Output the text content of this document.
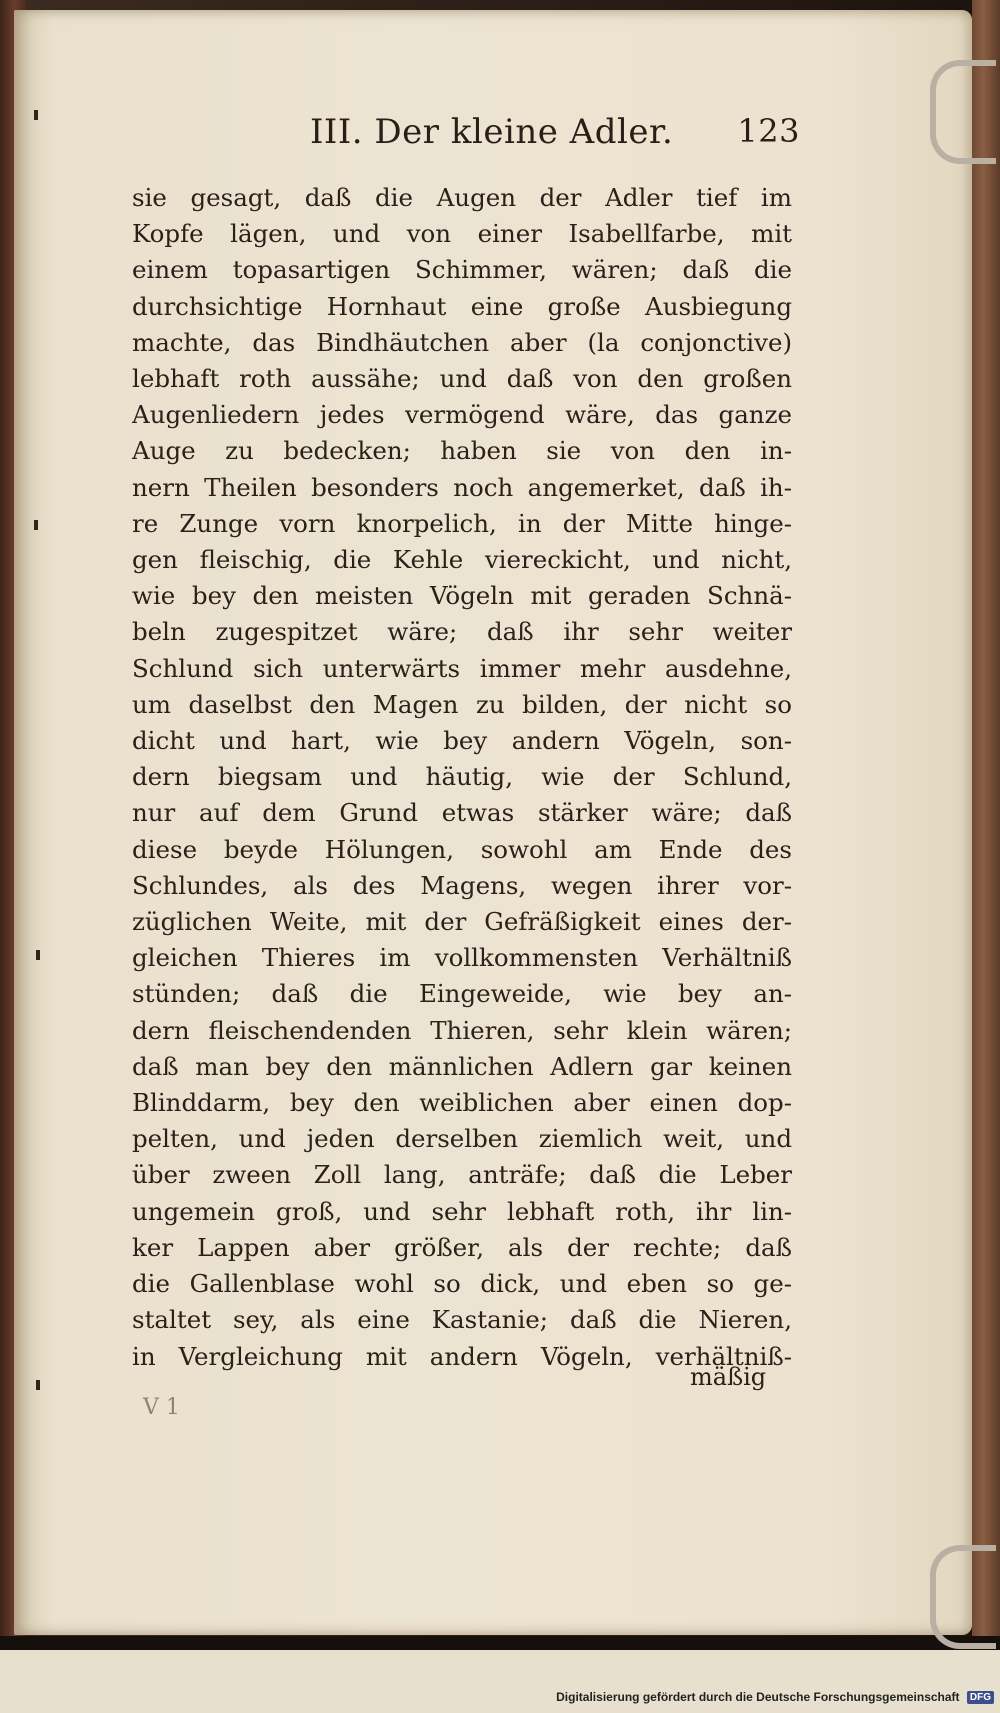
III. Der kleine Adler. 123
sie gesagt, daß die Augen der Adler tief im
Kopfe lägen, und von einer Isabellfarbe, mit
einem topasartigen Schimmer, wären; daß die
durchsichtige Hornhaut eine große Ausbiegung
machte, das Bindhäutchen aber (la conjonctive)
lebhaft roth aussähe; und daß von den großen
Augenliedern jedes vermögend wäre, das ganze
Auge zu bedecken; haben sie von den in-
nern Theilen besonders noch angemerket, daß ih-
re Zunge vorn knorpelich, in der Mitte hinge-
gen fleischig, die Kehle viereckicht, und nicht,
wie bey den meisten Vögeln mit geraden Schnä-
beln zugespitzet wäre; daß ihr sehr weiter
Schlund sich unterwärts immer mehr ausdehne,
um daselbst den Magen zu bilden, der nicht so
dicht und hart, wie bey andern Vögeln, son-
dern biegsam und häutig, wie der Schlund,
nur auf dem Grund etwas stärker wäre; daß
diese beyde Hölungen, sowohl am Ende des
Schlundes, als des Magens, wegen ihrer vor-
züglichen Weite, mit der Gefräßigkeit eines der-
gleichen Thieres im vollkommensten Verhältniß
stünden; daß die Eingeweide, wie bey an-
dern fleischendenden Thieren, sehr klein wären;
daß man bey den männlichen Adlern gar keinen
Blinddarm, bey den weiblichen aber einen dop-
pelten, und jeden derselben ziemlich weit, und
über zween Zoll lang, anträfe; daß die Leber
ungemein groß, und sehr lebhaft roth, ihr lin-
ker Lappen aber größer, als der rechte; daß
die Gallenblase wohl so dick, und eben so ge-
staltet sey, als eine Kastanie; daß die Nieren,
in Vergleichung mit andern Vögeln, verhältniß-
mäßig
V 1
Digitalisierung gefördert durch die Deutsche Forschungsgemeinschaft DFG
